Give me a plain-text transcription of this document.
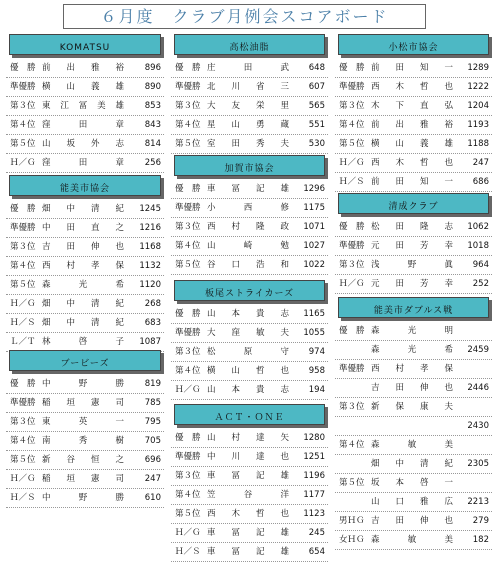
６月度　クラブ月例会スコアボード
KOMATSU
優　勝 前出雅裕 896
準優勝 横山義雄 890
第３位 東江冨美雄 853
第４位 窪田章 843
第５位 山坂外志 814
Ｈ／Ｇ 窪田章 256
能美市協会
優　勝 畑中清紀 1245
準優勝 中田直之 1216
第３位 吉田伸也 1168
第４位 西村孝保 1132
第５位 森光希 1120
Ｈ／Ｇ 畑中清紀 268
Ｈ／Ｓ 畑中清紀 683
Ｌ／Ｔ 林啓子 1087
ブービーズ
優　勝 中野勝 819
準優勝 稲垣憲司 785
第３位 東英一 795
第４位 南秀樹 705
第５位 新谷恒之 696
Ｈ／Ｇ 稲垣憲司 247
Ｈ／Ｓ 中野勝 610
高松油脂
優　勝 庄田武 648
準優勝 北川省三 607
第３位 大友栄里 565
第４位 星山勇蔵 551
第５位 室田秀夫 530
加賀市協会
優　勝 車冨記雄 1296
準優勝 小西修 1175
第３位 西村隆政 1071
第４位 山崎勉 1027
第５位 谷口浩和 1022
板尾ストライカーズ
優　勝 山本貴志 1165
準優勝 大窪敏夫 1055
第３位 松原守 974
第４位 横山哲也 958
Ｈ／Ｇ 山本貴志 194
ＡＣＴ・ＯＮＥ
優　勝 山村達矢 1280
準優勝 中川達也 1251
第３位 車冨記雄 1196
第４位 笠谷洋 1177
第５位 西木哲也 1123
Ｈ／Ｇ 車冨記雄 245
Ｈ／Ｓ 車冨記雄 654
小松市協会
優　勝 前田知一 1289
準優勝 西木哲也 1222
第３位 木下直弘 1204
第４位 前出雅裕 1193
第５位 横山義雄 1188
Ｈ／Ｇ 西木哲也 247
Ｈ／Ｓ 前田知一 686
清成クラブ
優　勝 松田隆志 1062
準優勝 元田芳幸 1018
第３位 浅野眞 964
Ｈ／Ｇ 元田芳幸 252
能美市ダブルス戦
優　勝 森光明
森光希 2459
準優勝 西村孝保
吉田伸也 2446
第３位 新保康夫
2430
第４位 森敏美
畑中清紀 2305
第５位 坂本啓一
山口雅広 2213
男ＨＧ 吉田伸也 279
女ＨＧ 森敏美 182
